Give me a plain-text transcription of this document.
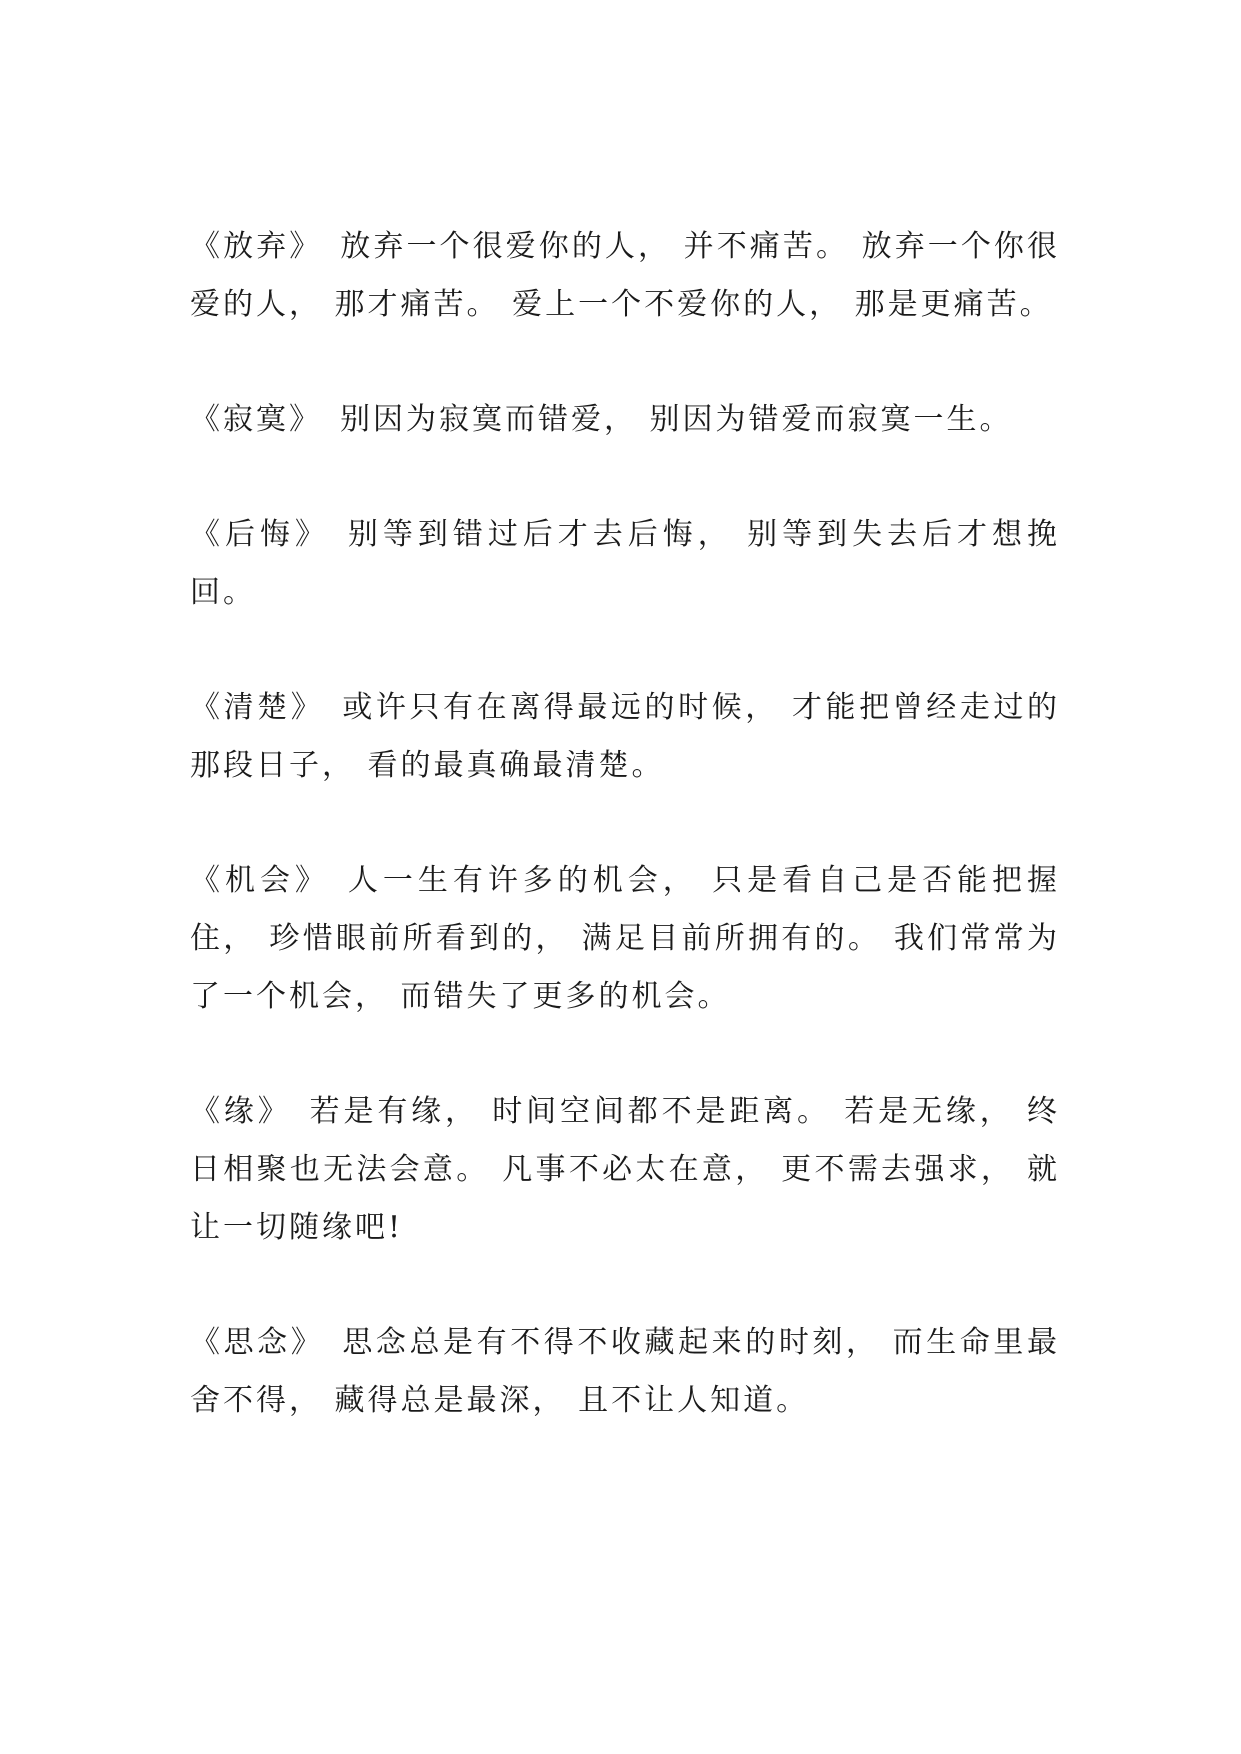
《放弃》 放弃一个很爱你的人， 并不痛苦。 放弃一个你很爱的人， 那才痛苦。 爱上一个不爱你的人， 那是更痛苦。

《寂寞》 别因为寂寞而错爱， 别因为错爱而寂寞一生。

《后悔》 别等到错过后才去后悔， 别等到失去后才想挽回。

《清楚》 或许只有在离得最远的时候， 才能把曾经走过的那段日子， 看的最真确最清楚。

《机会》 人一生有许多的机会， 只是看自己是否能把握住， 珍惜眼前所看到的， 满足目前所拥有的。 我们常常为了一个机会， 而错失了更多的机会。

《缘》 若是有缘， 时间空间都不是距离。 若是无缘， 终日相聚也无法会意。 凡事不必太在意， 更不需去强求， 就让一切随缘吧!

《思念》 思念总是有不得不收藏起来的时刻， 而生命里最舍不得， 藏得总是最深， 且不让人知道。
